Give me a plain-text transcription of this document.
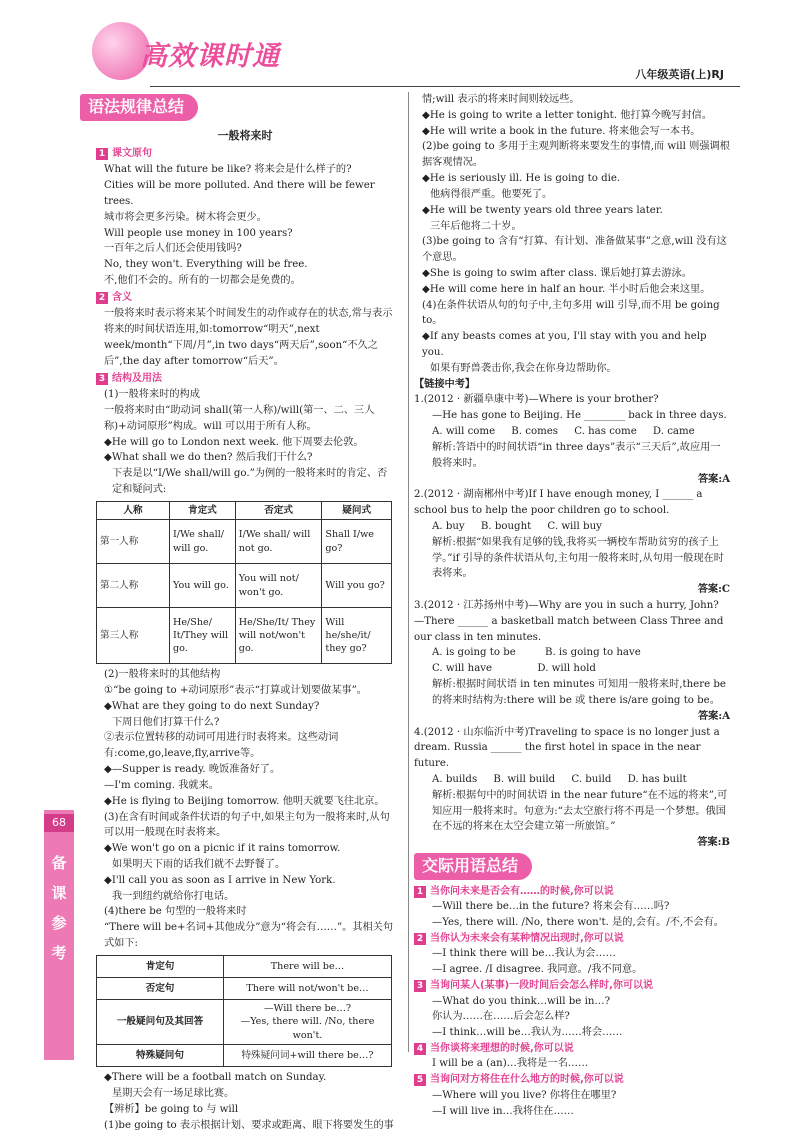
高效课时通
八年级英语(上)RJ
68
备
课
参
考
语法规律总结
一般将来时
1 课文原句
What will the future be like? 将来会是什么样子的?
Cities will be more polluted. And there will be fewer trees.
城市将会更多污染。树木将会更少。
Will people use money in 100 years?
一百年之后人们还会使用钱吗?
No, they won't. Everything will be free.
不,他们不会的。所有的一切都会是免费的。
2 含义
一般将来时表示将来某个时间发生的动作或存在的状态,常与表示将来的时间状语连用,如:tomorrow“明天”,next week/month“下周/月”,in two days“两天后”,soon“不久之后”,the day after tomorrow“后天”。
3 结构及用法
(1)一般将来时的构成
一般将来时由“助动词 shall(第一人称)/will(第一、二、三人称)+动词原形”构成。will 可以用于所有人称。
◆He will go to London next week. 他下周要去伦敦。
◆What shall we do then? 然后我们干什么?
下表是以“I/We shall/will go.”为例的一般将来时的肯定、否定和疑问式:
人称	肯定式	否定式	疑问式
第一人称	I/We shall/ will go.	I/We shall/ will not go.	Shall I/we go?
第二人称	You will go.	You will not/ won't go.	Will you go?
第三人称	He/She/ It/They will go.	He/She/It/ They will not/won't go.	Will he/she/it/ they go?
(2)一般将来时的其他结构
①“be going to +动词原形”表示“打算或计划要做某事”。
◆What are they going to do next Sunday?
下周日他们打算干什么?
②表示位置转移的动词可用进行时表将来。这些动词有:come,go,leave,fly,arrive等。
◆—Supper is ready. 晚饭准备好了。
—I'm coming. 我就来。
◆He is flying to Beijing tomorrow. 他明天就要飞往北京。
(3)在含有时间或条件状语的句子中,如果主句为一般将来时,从句可以用一般现在时表将来。
◆We won't go on a picnic if it rains tomorrow.
如果明天下雨的话我们就不去野餐了。
◆I'll call you as soon as I arrive in New York.
我一到纽约就给你打电话。
(4)there be 句型的一般将来时
“There will be+名词+其他成分”意为“将会有……”。其相关句式如下:
肯定句	There will be…
否定句	There will not/won't be…
一般疑问句及其回答	—Will there be…?
—Yes, there will. /No, there won't.
特殊疑问句	特殊疑问词+will there be…?
◆There will be a football match on Sunday.
星期天会有一场足球比赛。
【辨析】be going to 与 will
(1)be going to 表示根据计划、要求或距离、眼下将要发生的事
情;will 表示的将来时间则较远些。
◆He is going to write a letter tonight. 他打算今晚写封信。
◆He will write a book in the future. 将来他会写一本书。
(2)be going to 多用于主观判断将来要发生的事情,而 will 则强调根据客观情况。
◆He is seriously ill. He is going to die.
他病得很严重。他要死了。
◆He will be twenty years old three years later.
三年后他将二十岁。
(3)be going to 含有“打算、有计划、准备做某事”之意,will 没有这个意思。
◆She is going to swim after class. 课后她打算去游泳。
◆He will come here in half an hour. 半小时后他会来这里。
(4)在条件状语从句的句子中,主句多用 will 引导,而不用 be going to。
◆If any beasts comes at you, I'll stay with you and help you.
如果有野兽袭击你,我会在你身边帮助你。
【链接中考】
1.(2012 · 新疆阜康中考)—Where is your brother?
—He has gone to Beijing. He ________ back in three days.
A. will come     B. comes     C. has come     D. came
解析:答语中的时间状语“in three days”表示“三天后”,故应用一般将来时。
答案:A
2.(2012 · 湖南郴州中考)If I have enough money, I ______ a school bus to help the poor children go to school.
A. buy     B. bought     C. will buy
解析:根据“如果我有足够的钱,我将买一辆校车帮助贫穷的孩子上学。”if 引导的条件状语从句,主句用一般将来时,从句用一般现在时表将来。
答案:C
3.(2012 · 江苏扬州中考)—Why are you in such a hurry, John? —There ______ a basketball match between Class Three and our class in ten minutes.
A. is going to be         B. is going to have
C. will have              D. will hold
解析:根据时间状语 in ten minutes 可知用一般将来时,there be 的将来时结构为:there will be 或 there is/are going to be。
答案:A
4.(2012 · 山东临沂中考)Traveling to space is no longer just a dream. Russia ______ the first hotel in space in the near future.
A. builds     B. will build     C. build     D. has built
解析:根据句中的时间状语 in the near future“在不远的将来”,可知应用一般将来时。句意为:“去太空旅行将不再是一个梦想。俄国在不远的将来在太空会建立第一所旅馆。”
答案:B
交际用语总结
1 当你问未来是否会有……的时候,你可以说
—Will there be…in the future? 将来会有……吗?
—Yes, there will. /No, there won't. 是的,会有。/不,不会有。
2 当你认为未来会有某种情况出现时,你可以说
—I think there will be…我认为会……
—I agree. /I disagree. 我同意。/我不同意。
3 当询问某人(某事)一段时间后会怎么样时,你可以说
—What do you think…will be in…?
你认为……在……后会怎么样?
—I think…will be…我认为……将会……
4 当你谈将来理想的时候,你可以说
I will be a (an)…我将是一名……
5 当询问对方将住在什么地方的时候,你可以说
—Where will you live? 你将住在哪里?
—I will live in…我将住在……
